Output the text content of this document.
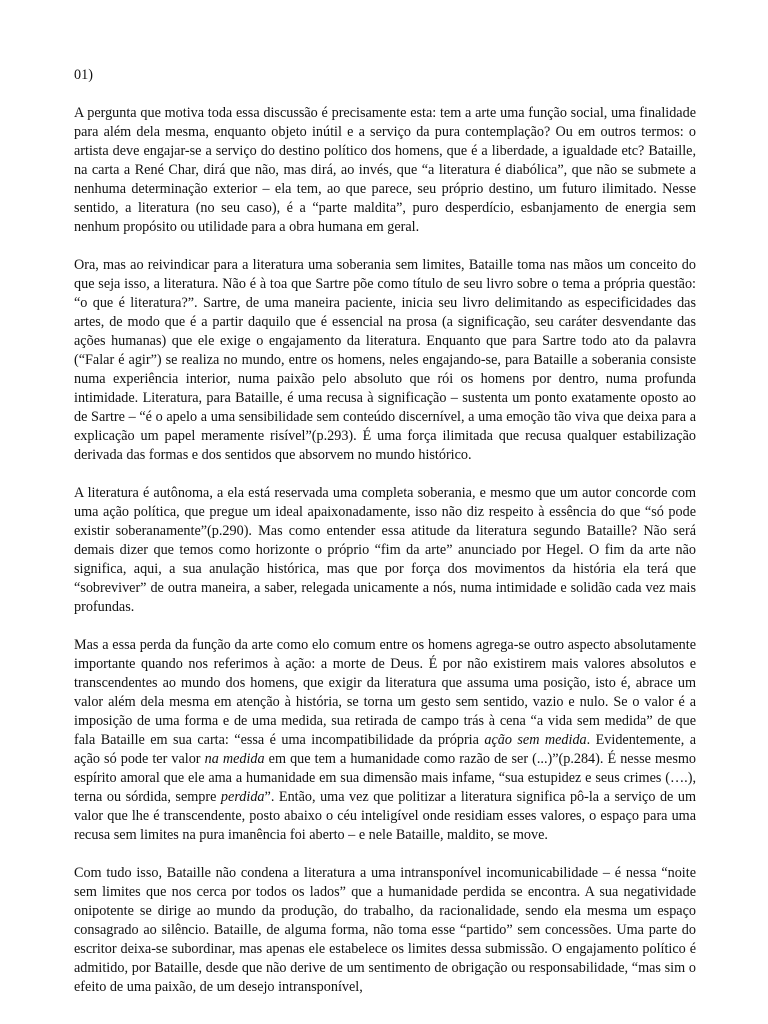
01)

A pergunta que motiva toda essa discussão é precisamente esta: tem a arte uma função social, uma finalidade para além dela mesma, enquanto objeto inútil e a serviço da pura contemplação? Ou em outros termos: o artista deve engajar-se a serviço do destino político dos homens, que é a liberdade, a igualdade etc? Bataille, na carta a René Char, dirá que não, mas dirá, ao invés, que “a literatura é diabólica”, que não se submete a nenhuma determinação exterior – ela tem, ao que parece, seu próprio destino, um futuro ilimitado. Nesse sentido, a literatura (no seu caso), é a “parte maldita”, puro desperdício, esbanjamento de energia sem nenhum propósito ou utilidade para a obra humana em geral.

Ora, mas ao reivindicar para a literatura uma soberania sem limites, Bataille toma nas mãos um conceito do que seja isso, a literatura. Não é à toa que Sartre põe como título de seu livro sobre o tema a própria questão: “o que é literatura?”. Sartre, de uma maneira paciente, inicia seu livro delimitando as especificidades das artes, de modo que é a partir daquilo que é essencial na prosa (a significação, seu caráter desvendante das ações humanas) que ele exige o engajamento da literatura. Enquanto que para Sartre todo ato da palavra (“Falar é agir”) se realiza no mundo, entre os homens, neles engajando-se, para Bataille a soberania consiste numa experiência interior, numa paixão pelo absoluto que rói os homens por dentro, numa profunda intimidade. Literatura, para Bataille, é uma recusa à significação – sustenta um ponto exatamente oposto ao de Sartre – “é o apelo a uma sensibilidade sem conteúdo discernível, a uma emoção tão viva que deixa para a explicação um papel meramente risível”(p.293). É uma força ilimitada que recusa qualquer estabilização derivada das formas e dos sentidos que absorvem no mundo histórico.

A literatura é autônoma, a ela está reservada uma completa soberania, e mesmo que um autor concorde com uma ação política, que pregue um ideal apaixonadamente, isso não diz respeito à essência do que “só pode existir soberanamente”(p.290). Mas como entender essa atitude da literatura segundo Bataille? Não será demais dizer que temos como horizonte o próprio “fim da arte” anunciado por Hegel. O fim da arte não significa, aqui, a sua anulação histórica, mas que por força dos movimentos da história ela terá que “sobreviver” de outra maneira, a saber, relegada unicamente a nós, numa intimidade e solidão cada vez mais profundas.

Mas a essa perda da função da arte como elo comum entre os homens agrega-se outro aspecto absolutamente importante quando nos referimos à ação: a morte de Deus. É por não existirem mais valores absolutos e transcendentes ao mundo dos homens, que exigir da literatura que assuma uma posição, isto é, abrace um valor além dela mesma em atenção à história, se torna um gesto sem sentido, vazio e nulo. Se o valor é a imposição de uma forma e de uma medida, sua retirada de campo trás à cena “a vida sem medida” de que fala Bataille em sua carta: “essa é uma incompatibilidade da própria ação sem medida. Evidentemente, a ação só pode ter valor na medida em que tem a humanidade como razão de ser (...)”(p.284). É nesse mesmo espírito amoral que ele ama a humanidade em sua dimensão mais infame, “sua estupidez e seus crimes (….), terna ou sórdida, sempre perdida”. Então, uma vez que politizar a literatura significa pô-la a serviço de um valor que lhe é transcendente, posto abaixo o céu inteligível onde residiam esses valores, o espaço para uma recusa sem limites na pura imanência foi aberto – e nele Bataille, maldito, se move.

Com tudo isso, Bataille não condena a literatura a uma intransponível incomunicabilidade – é nessa “noite sem limites que nos cerca por todos os lados” que a humanidade perdida se encontra. A sua negatividade onipotente se dirige ao mundo da produção, do trabalho, da racionalidade, sendo ela mesma um espaço consagrado ao silêncio. Bataille, de alguma forma, não toma esse “partido” sem concessões. Uma parte do escritor deixa-se subordinar, mas apenas ele estabelece os limites dessa submissão. O engajamento político é admitido, por Bataille, desde que não derive de um sentimento de obrigação ou responsabilidade, “mas sim o efeito de uma paixão, de um desejo intransponível,
